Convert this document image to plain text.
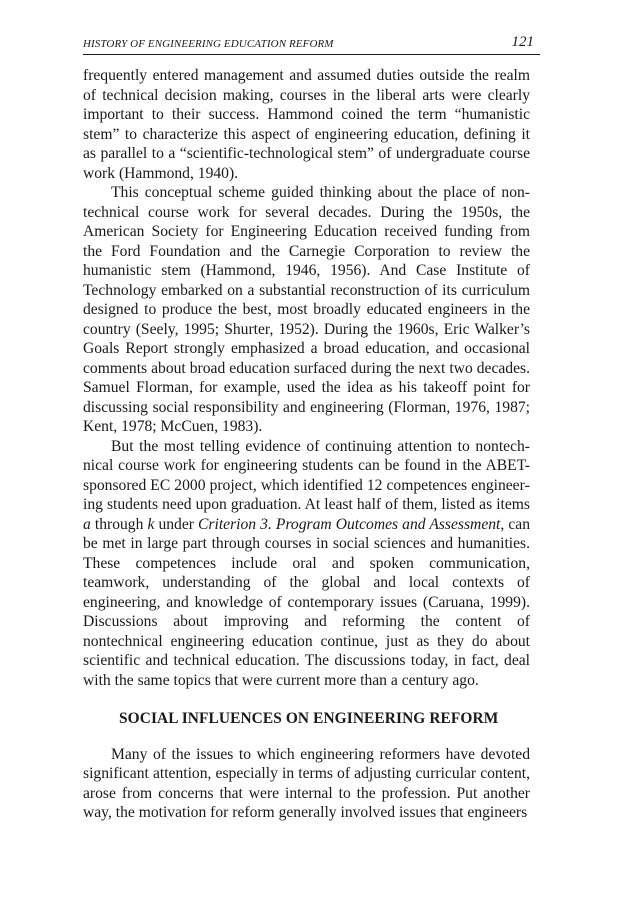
HISTORY OF ENGINEERING EDUCATION REFORM	121

frequently entered management and assumed duties outside the realm of technical decision making, courses in the liberal arts were clearly important to their success. Hammond coined the term “humanistic stem” to characterize this aspect of engineering education, defining it as parallel to a “scientific-technological stem” of undergraduate course work (Hammond, 1940).

This conceptual scheme guided thinking about the place of nontechnical course work for several decades. During the 1950s, the American Society for Engineering Education received funding from the Ford Foundation and the Carnegie Corporation to review the humanistic stem (Hammond, 1946, 1956). And Case Institute of Technology embarked on a substantial reconstruction of its curriculum designed to produce the best, most broadly educated engineers in the country (Seely, 1995; Shurter, 1952). During the 1960s, Eric Walker’s Goals Report strongly emphasized a broad education, and occasional comments about broad education surfaced during the next two decades. Samuel Florman, for example, used the idea as his takeoff point for discussing social responsibility and engineering (Florman, 1976, 1987; Kent, 1978; McCuen, 1983).

But the most telling evidence of continuing attention to nontechnical course work for engineering students can be found in the ABET-sponsored EC 2000 project, which identified 12 competences engineering students need upon graduation. At least half of them, listed as items a through k under Criterion 3. Program Outcomes and Assessment, can be met in large part through courses in social sciences and humanities. These competences include oral and spoken communication, teamwork, understanding of the global and local contexts of engineering, and knowledge of contemporary issues (Caruana, 1999). Discussions about improving and reforming the content of nontechnical engineering education continue, just as they do about scientific and technical education. The discussions today, in fact, deal with the same topics that were current more than a century ago.

SOCIAL INFLUENCES ON ENGINEERING REFORM

Many of the issues to which engineering reformers have devoted significant attention, especially in terms of adjusting curricular content, arose from concerns that were internal to the profession. Put another way, the motivation for reform generally involved issues that engineers
